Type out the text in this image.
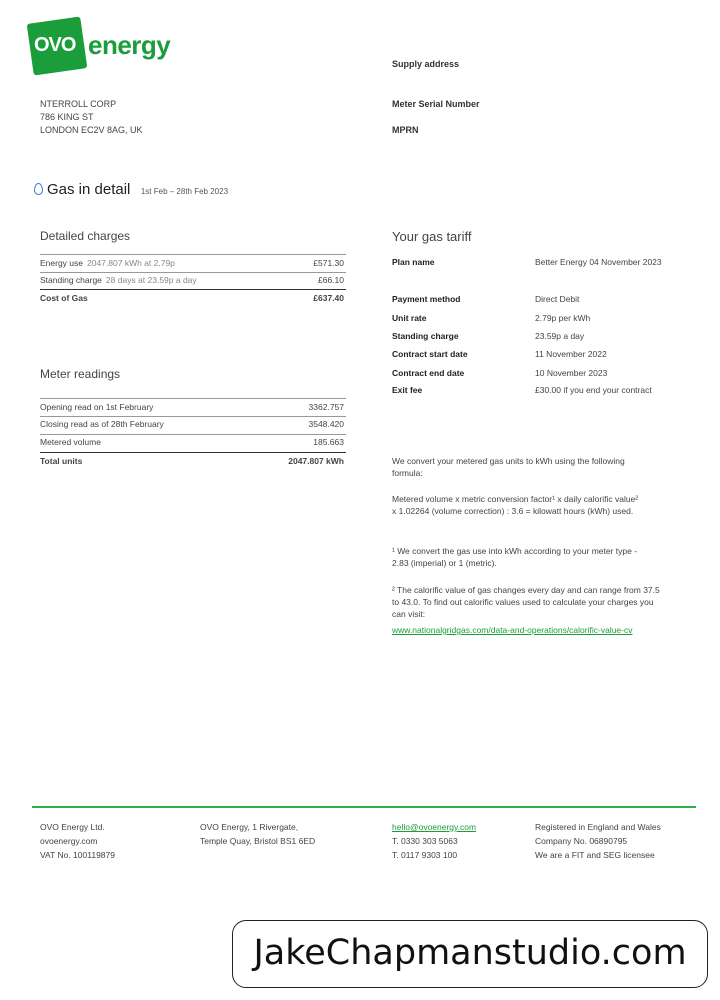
OVO energy
Supply address
Meter Serial Number
MPRN
NTERROLL CORP
786 KING ST
LONDON EC2V 8AG, UK
Gas in detail 1st Feb – 28th Feb 2023
Detailed charges
Energy use 2047.807 kWh at 2.79p	£571.30
Standing charge 28 days at 23.59p a day	£66.10
Cost of Gas	£637.40
Meter readings
Opening read on 1st February	3362.757
Closing read as of 28th February	3548.420
Metered volume	185.663
Total units	2047.807 kWh
Your gas tariff
Plan name	Better Energy 04 November 2023
Payment method	Direct Debit
Unit rate	2.79p per kWh
Standing charge	23.59p a day
Contract start date	11 November 2022
Contract end date	10 November 2023
Exit fee	£30.00 if you end your contract
We convert your metered gas units to kWh using the following formula:
Metered volume x metric conversion factor¹ x daily calorific value² x 1.02264 (volume correction) : 3.6 = kilowatt hours (kWh) used.
¹ We convert the gas use into kWh according to your meter type - 2.83 (imperial) or 1 (metric).
² The calorific value of gas changes every day and can range from 37.5 to 43.0. To find out calorific values used to calculate your charges you can visit:
www.nationalgridgas.com/data-and-operations/calorific-value-cv
OVO Energy Ltd.
ovoenergy.com
VAT No. 100119879
OVO Energy, 1 Rivergate,
Temple Quay, Bristol BS1 6ED
hello@ovoenergy.com
T. 0330 303 5063
T. 0117 9303 100
Registered in England and Wales
Company No. 06890795
We are a FIT and SEG licensee
JakeChapmanstudio.com
